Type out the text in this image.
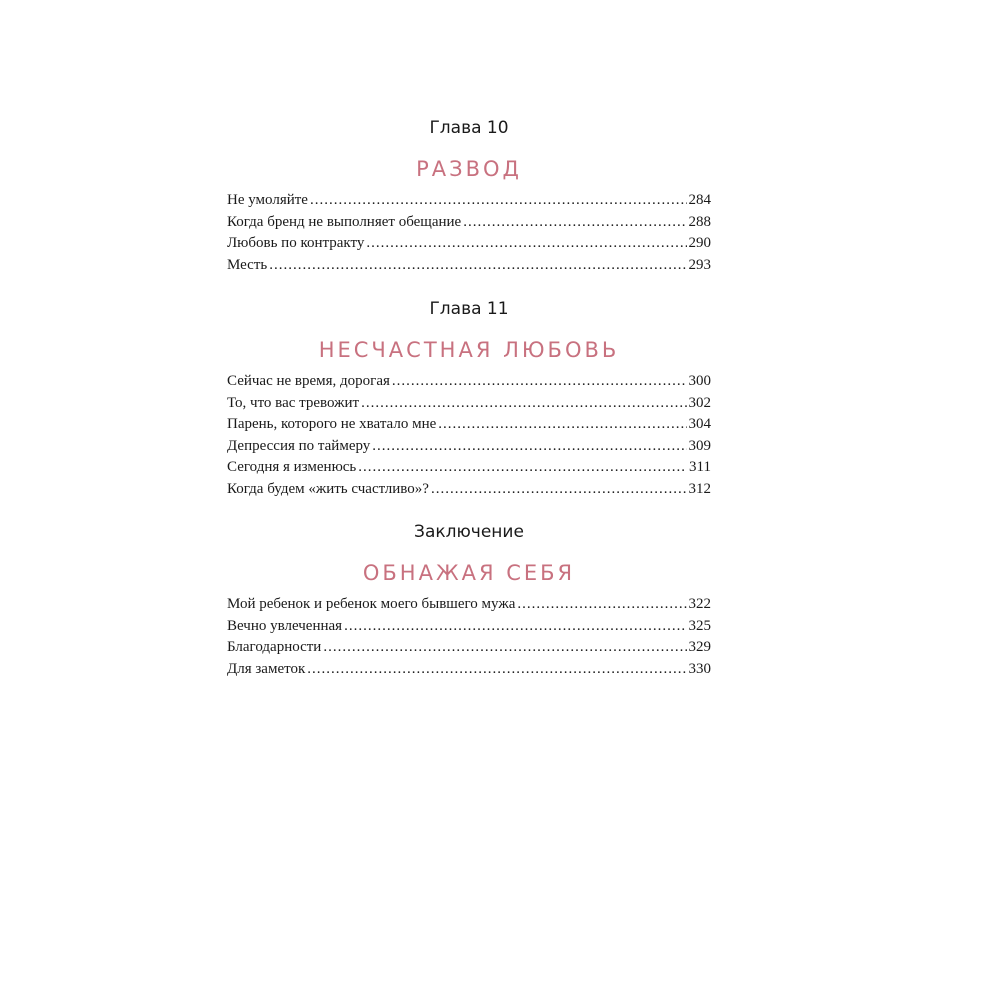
Глава 10
РАЗВОД
Не умоляйте .....	284
Когда бренд не выполняет обещание .....	288
Любовь по контракту .....	290
Месть .....	293
Глава 11
НЕСЧАСТНАЯ ЛЮБОВЬ
Сейчас не время, дорогая .....	300
То, что вас тревожит .....	302
Парень, которого не хватало мне .....	304
Депрессия по таймеру .....	309
Сегодня я изменюсь .....	311
Когда будем «жить счастливо»? .....	312
Заключение
ОБНАЖАЯ СЕБЯ
Мой ребенок и ребенок моего бывшего мужа .....	322
Вечно увлеченная .....	325
Благодарности .....	329
Для заметок .....	330
